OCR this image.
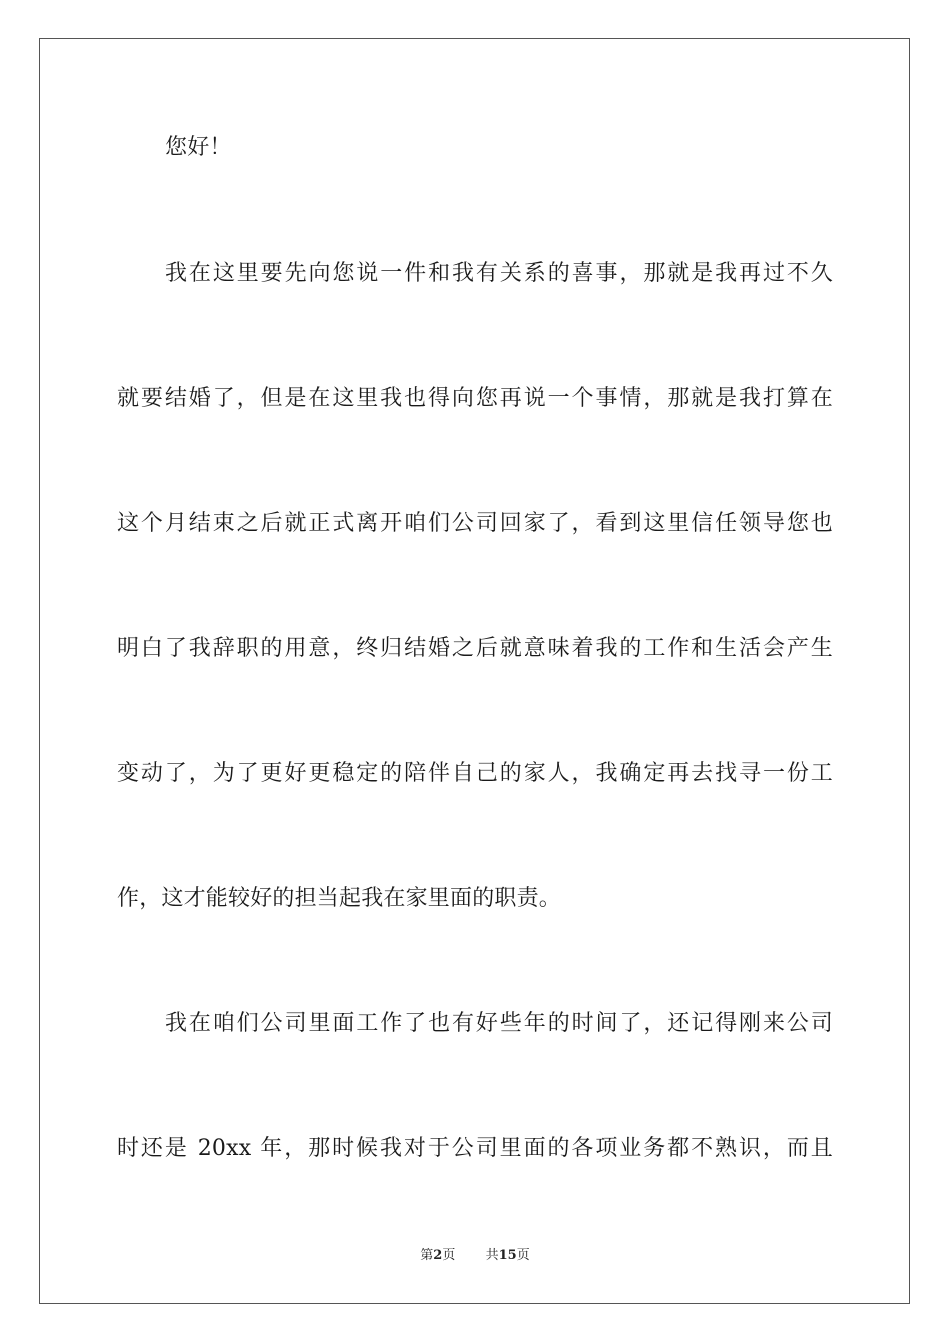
您好！
我在这里要先向您说一件和我有关系的喜事，那就是我再过不久
就要结婚了，但是在这里我也得向您再说一个事情，那就是我打算在
这个月结束之后就正式离开咱们公司回家了，看到这里信任领导您也
明白了我辞职的用意，终归结婚之后就意味着我的工作和生活会产生
变动了，为了更好更稳定的陪伴自己的家人，我确定再去找寻一份工
作，这才能较好的担当起我在家里面的职责。
我在咱们公司里面工作了也有好些年的时间了，还记得刚来公司
时还是 20xx 年，那时候我对于公司里面的各项业务都不熟识，而且
第2页 共15页
